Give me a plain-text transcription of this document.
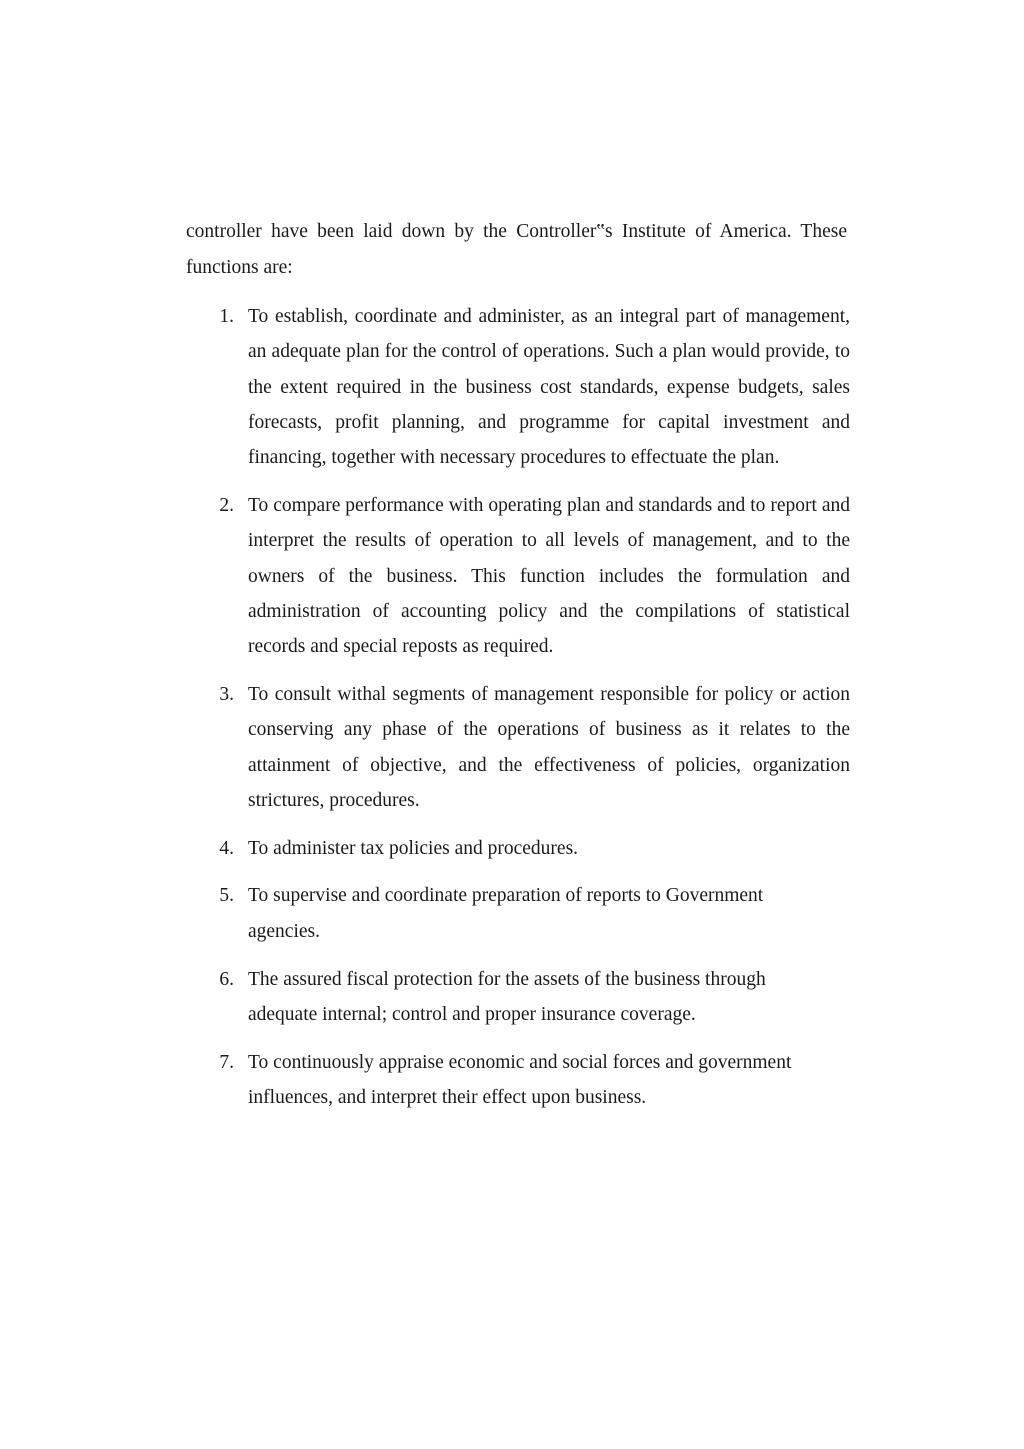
controller have been laid down by the Controller‟s Institute of America. These functions are:

1. To establish, coordinate and administer, as an integral part of management, an adequate plan for the control of operations. Such a plan would provide, to the extent required in the business cost standards, expense budgets, sales forecasts, profit planning, and programme for capital investment and financing, together with necessary procedures to effectuate the plan.
2. To compare performance with operating plan and standards and to report and interpret the results of operation to all levels of management, and to the owners of the business. This function includes the formulation and administration of accounting policy and the compilations of statistical records and special reposts as required.
3. To consult withal segments of management responsible for policy or action conserving any phase of the operations of business as it relates to the attainment of objective, and the effectiveness of policies, organization strictures, procedures.
4. To administer tax policies and procedures.
5. To supervise and coordinate preparation of reports to Government agencies.
6. The assured fiscal protection for the assets of the business through adequate internal; control and proper insurance coverage.
7. To continuously appraise economic and social forces and government influences, and interpret their effect upon business.
